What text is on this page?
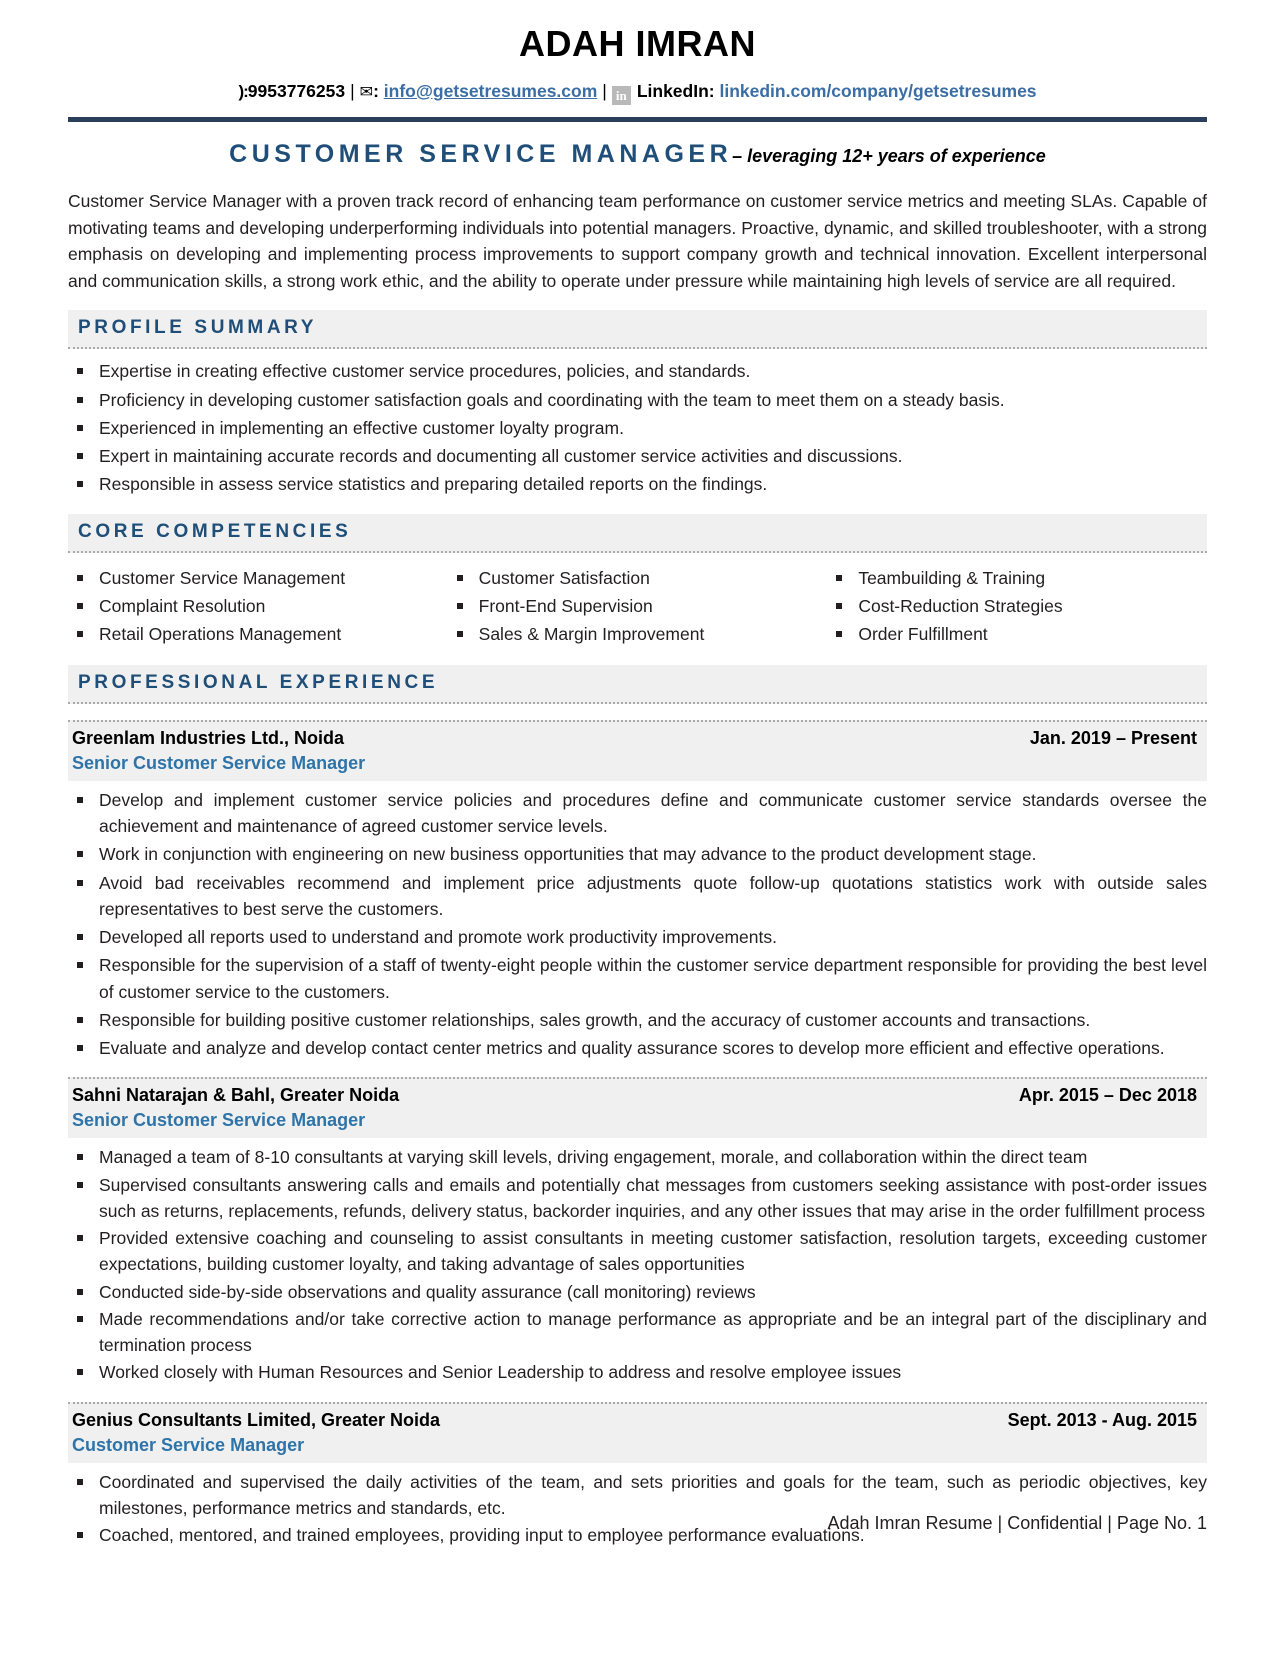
ADAH IMRAN
):9953776253 | ✉: info@getsetresumes.com | in LinkedIn: linkedin.com/company/getsetresumes
CUSTOMER SERVICE MANAGER– leveraging 12+ years of experience
Customer Service Manager with a proven track record of enhancing team performance on customer service metrics and meeting SLAs. Capable of motivating teams and developing underperforming individuals into potential managers. Proactive, dynamic, and skilled troubleshooter, with a strong emphasis on developing and implementing process improvements to support company growth and technical innovation. Excellent interpersonal and communication skills, a strong work ethic, and the ability to operate under pressure while maintaining high levels of service are all required.
PROFILE SUMMARY
Expertise in creating effective customer service procedures, policies, and standards.
Proficiency in developing customer satisfaction goals and coordinating with the team to meet them on a steady basis.
Experienced in implementing an effective customer loyalty program.
Expert in maintaining accurate records and documenting all customer service activities and discussions.
Responsible in assess service statistics and preparing detailed reports on the findings.
CORE COMPETENCIES
Customer Service Management	Customer Satisfaction	Teambuilding & Training
Complaint Resolution	Front-End Supervision	Cost-Reduction Strategies
Retail Operations Management	Sales & Margin Improvement	Order Fulfillment
PROFESSIONAL EXPERIENCE
Greenlam Industries Ltd., Noida	Jan. 2019 – Present
Senior Customer Service Manager
Develop and implement customer service policies and procedures define and communicate customer service standards oversee the achievement and maintenance of agreed customer service levels.
Work in conjunction with engineering on new business opportunities that may advance to the product development stage.
Avoid bad receivables recommend and implement price adjustments quote follow-up quotations statistics work with outside sales representatives to best serve the customers.
Developed all reports used to understand and promote work productivity improvements.
Responsible for the supervision of a staff of twenty-eight people within the customer service department responsible for providing the best level of customer service to the customers.
Responsible for building positive customer relationships, sales growth, and the accuracy of customer accounts and transactions.
Evaluate and analyze and develop contact center metrics and quality assurance scores to develop more efficient and effective operations.
Sahni Natarajan & Bahl, Greater Noida	Apr. 2015 – Dec 2018
Senior Customer Service Manager
Managed a team of 8-10 consultants at varying skill levels, driving engagement, morale, and collaboration within the direct team
Supervised consultants answering calls and emails and potentially chat messages from customers seeking assistance with post-order issues such as returns, replacements, refunds, delivery status, backorder inquiries, and any other issues that may arise in the order fulfillment process
Provided extensive coaching and counseling to assist consultants in meeting customer satisfaction, resolution targets, exceeding customer expectations, building customer loyalty, and taking advantage of sales opportunities
Conducted side-by-side observations and quality assurance (call monitoring) reviews
Made recommendations and/or take corrective action to manage performance as appropriate and be an integral part of the disciplinary and termination process
Worked closely with Human Resources and Senior Leadership to address and resolve employee issues
Genius Consultants Limited, Greater Noida	Sept. 2013 - Aug. 2015
Customer Service Manager
Coordinated and supervised the daily activities of the team, and sets priorities and goals for the team, such as periodic objectives, key milestones, performance metrics and standards, etc.
Coached, mentored, and trained employees, providing input to employee performance evaluations.
Adah Imran Resume | Confidential | Page No. 1
